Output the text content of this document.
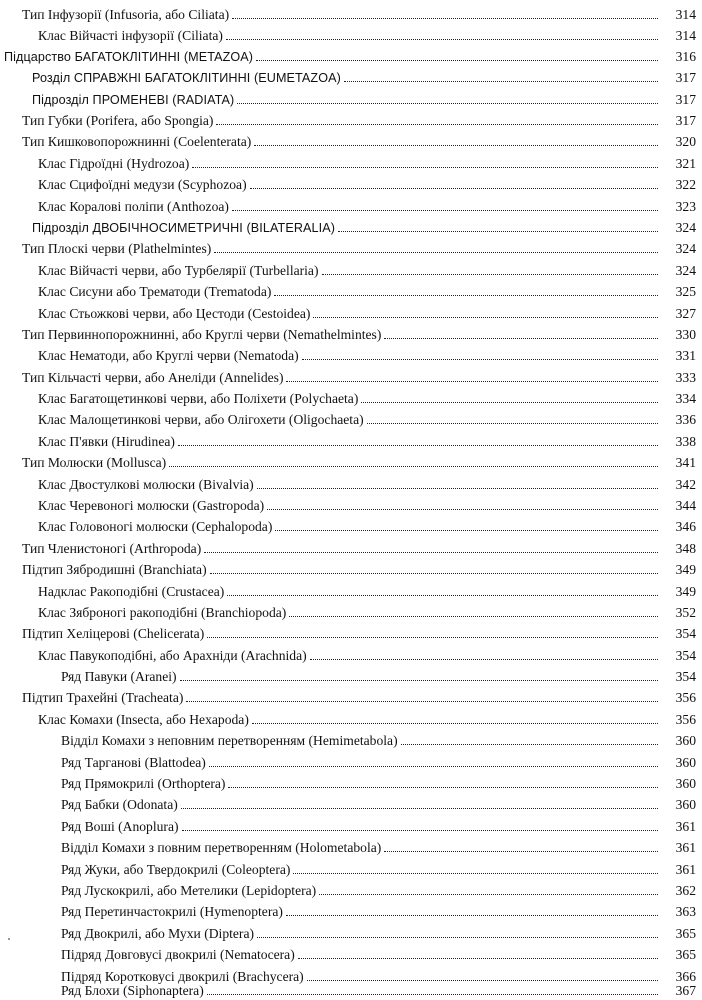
Тип Інфузорії (Infusoria, або Ciliata)	314
Клас Війчасті інфузорії (Ciliata)	314
Підцарство БАГАТОКЛІТИННІ (METAZOA)	316
Розділ СПРАВЖНІ БАГАТОКЛІТИННІ (EUMETAZOA)	317
Підрозділ ПРОМЕНЕВІ (RADIATA)	317
Тип Губки (Porifera, або Spongia)	317
Тип Кишковопорожнинні (Coelenterata)	320
Клас Гідроїдні (Hydrozoa)	321
Клас Сцифоїдні медузи (Scyphozoa)	322
Клас Коралові поліпи (Anthozoa)	323
Підрозділ ДВОБІЧНОСИМЕТРИЧНІ (BILATERALIA)	324
Тип Плоскі черви (Plathelmintes)	324
Клас Війчасті черви, або Турбелярії (Turbellaria)	324
Клас Сисуни або Трематоди (Trematoda)	325
Клас Стьожкові черви, або Цестоди (Cestoidea)	327
Тип Первиннопорожнинні, або Круглі черви (Nemathelmintes)	330
Клас Нематоди, або Круглі черви (Nematoda)	331
Тип Кільчасті черви, або Анеліди (Annelides)	333
Клас Багатощетинкові черви, або Поліхети (Polychaeta)	334
Клас Малощетинкові черви, або Олігохети (Oligochaeta)	336
Клас П'явки (Hirudinea)	338
Тип Молюски (Mollusca)	341
Клас Двостулкові молюски (Bivalvia)	342
Клас Черевоногі молюски (Gastropoda)	344
Клас Головоногі молюски (Cephalopoda)	346
Тип Членистоногі (Arthropoda)	348
Підтип Зябродишні (Branchiata)	349
Надклас Ракоподібні (Crustacea)	349
Клас Зяброногі ракоподібні (Branchiopoda)	352
Підтип Хеліцерові (Chelicerata)	354
Клас Павукоподібні, або Арахніди (Arachnida)	354
Ряд Павуки (Aranei)	354
Підтип Трахейні (Tracheata)	356
Клас Комахи (Insecta, або Hexapoda)	356
Відділ Комахи з неповним перетворенням (Hemimetabola)	360
Ряд Тарганові (Blattodea)	360
Ряд Прямокрилі (Orthoptera)	360
Ряд Бабки (Odonata)	360
Ряд Воші (Anoplura)	361
Відділ Комахи з повним перетворенням (Holometabola)	361
Ряд Жуки, або Твердокрилі (Coleoptera)	361
Ряд Лускокрилі, або Метелики (Lepidoptera)	362
Ряд Перетинчастокрилі (Hymenoptera)	363
Ряд Двокрилі, або Мухи (Diptera)	365
Підряд Довговусі двокрилі (Nematocera)	365
Підряд Коротковусі двокрилі (Brachycera)	366
Ряд Блохи (Siphonaptera)	367
